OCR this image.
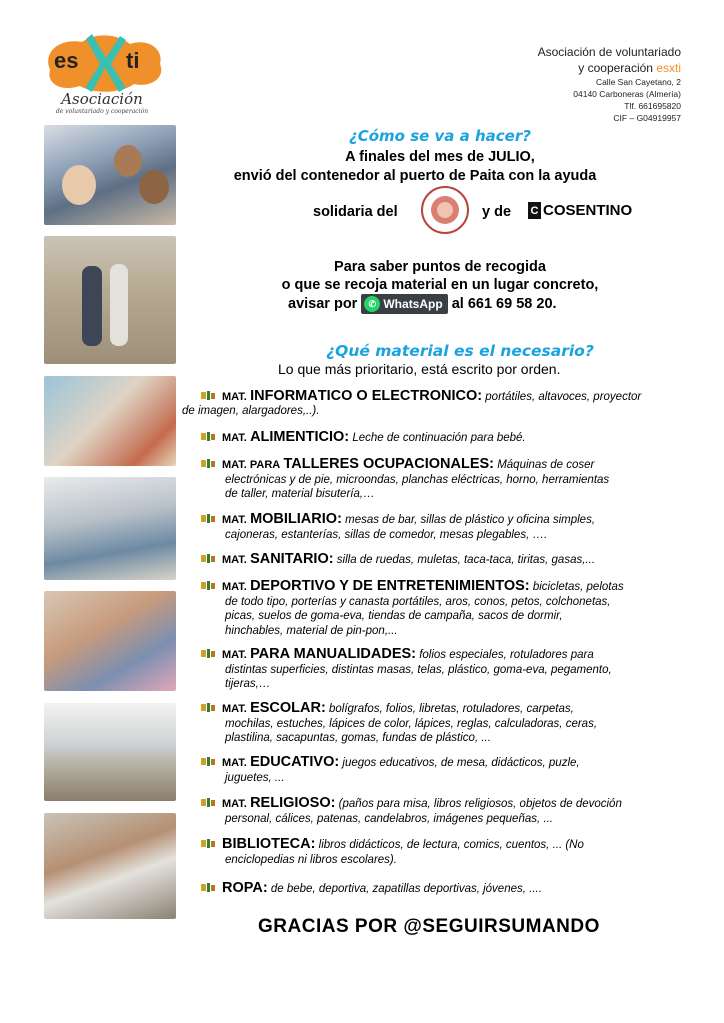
es ti
Asociación
de voluntariado y cooperación
Asociación de voluntariado
y cooperación esxti
Calle San Cayetano, 2
04140 Carboneras (Almería)
Tlf. 661695820
CIF – G04919957
¿Cómo se va a hacer?
A finales del mes de JULIO,
envió del contenedor al puerto de Paita con la ayuda
solidaria del	y de C COSENTINO
Para saber puntos de recogida
o que se recoja material en un lugar concreto,
avisar por	✆ WhatsApp al 661 69 58 20.
¿Qué material es el necesario?
Lo que más prioritario, está escrito por orden.
MAT. INFORMÁTICO O ELECTRÓNICO: portátiles, altavoces, proyector
de imagen, alargadores,..).
MAT. ALIMENTICIO: Leche de continuación para bebé.
MAT. PARA TALLERES OCUPACIONALES: Máquinas de coser
electrónicas y de pie, microondas, planchas eléctricas, horno, herramientas
de taller, material bisutería,…
MAT. MOBILIARIO: mesas de bar, sillas de plástico y oficina simples,
cajoneras, estanterías, sillas de comedor, mesas plegables, ….
MAT. SANITARIO: silla de ruedas, muletas, taca-taca, tiritas, gasas,...
MAT. DEPORTIVO Y DE ENTRETENIMIENTOS: bicicletas, pelotas
de todo tipo, porterías y canasta portátiles, aros, conos, petos, colchonetas,
picas, suelos de goma-eva, tiendas de campaña, sacos de dormir,
hinchables, material de pin-pon,...
MAT. PARA MANUALIDADES: folios especiales, rotuladores para
distintas superficies, distintas masas, telas, plástico, goma-eva, pegamento,
tijeras,…
MAT. ESCOLAR: bolígrafos, folios, libretas, rotuladores, carpetas,
mochilas, estuches, lápices de color, lápices, reglas, calculadoras, ceras,
plastilina, sacapuntas, gomas, fundas de plástico, ...
MAT. EDUCATIVO: juegos educativos, de mesa, didácticos, puzle,
juguetes, ...
MAT. RELIGIOSO: (paños para misa, libros religiosos, objetos de devoción
personal, cálices, patenas, candelabros, imágenes pequeñas, ...
BIBLIOTECA: libros didácticos, de lectura, comics, cuentos, ... (No
enciclopedias ni libros escolares).
ROPA: de bebe, deportiva, zapatillas deportivas, jóvenes, ....
GRACIAS POR @SEGUIRSUMANDO
